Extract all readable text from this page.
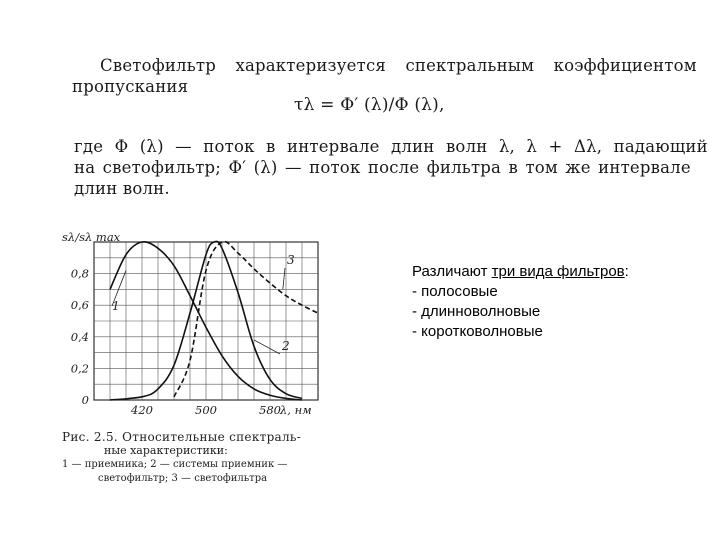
Светофильтр характеризуется спектральным коэффициентом
пропускания
τλ = Φ′ (λ)/Φ (λ),
где Φ (λ) — поток в интервале длин волн λ, λ + Δλ, падающий
на светофильтр; Φ′ (λ) — поток после фильтра в том же интервале
длин волн.
0
0,2
0,4
0,6
0,8
420	500	580 λ, нм
sλ/sλ max
1
2
3
Рис. 2.5. Относительные спектраль-
ные характеристики:
1 — приемника; 2 — системы приемник —
светофильтр; 3 — светофильтра
Различают три вида фильтров:
- полосовые
- длинноволновые
- коротковолновые
